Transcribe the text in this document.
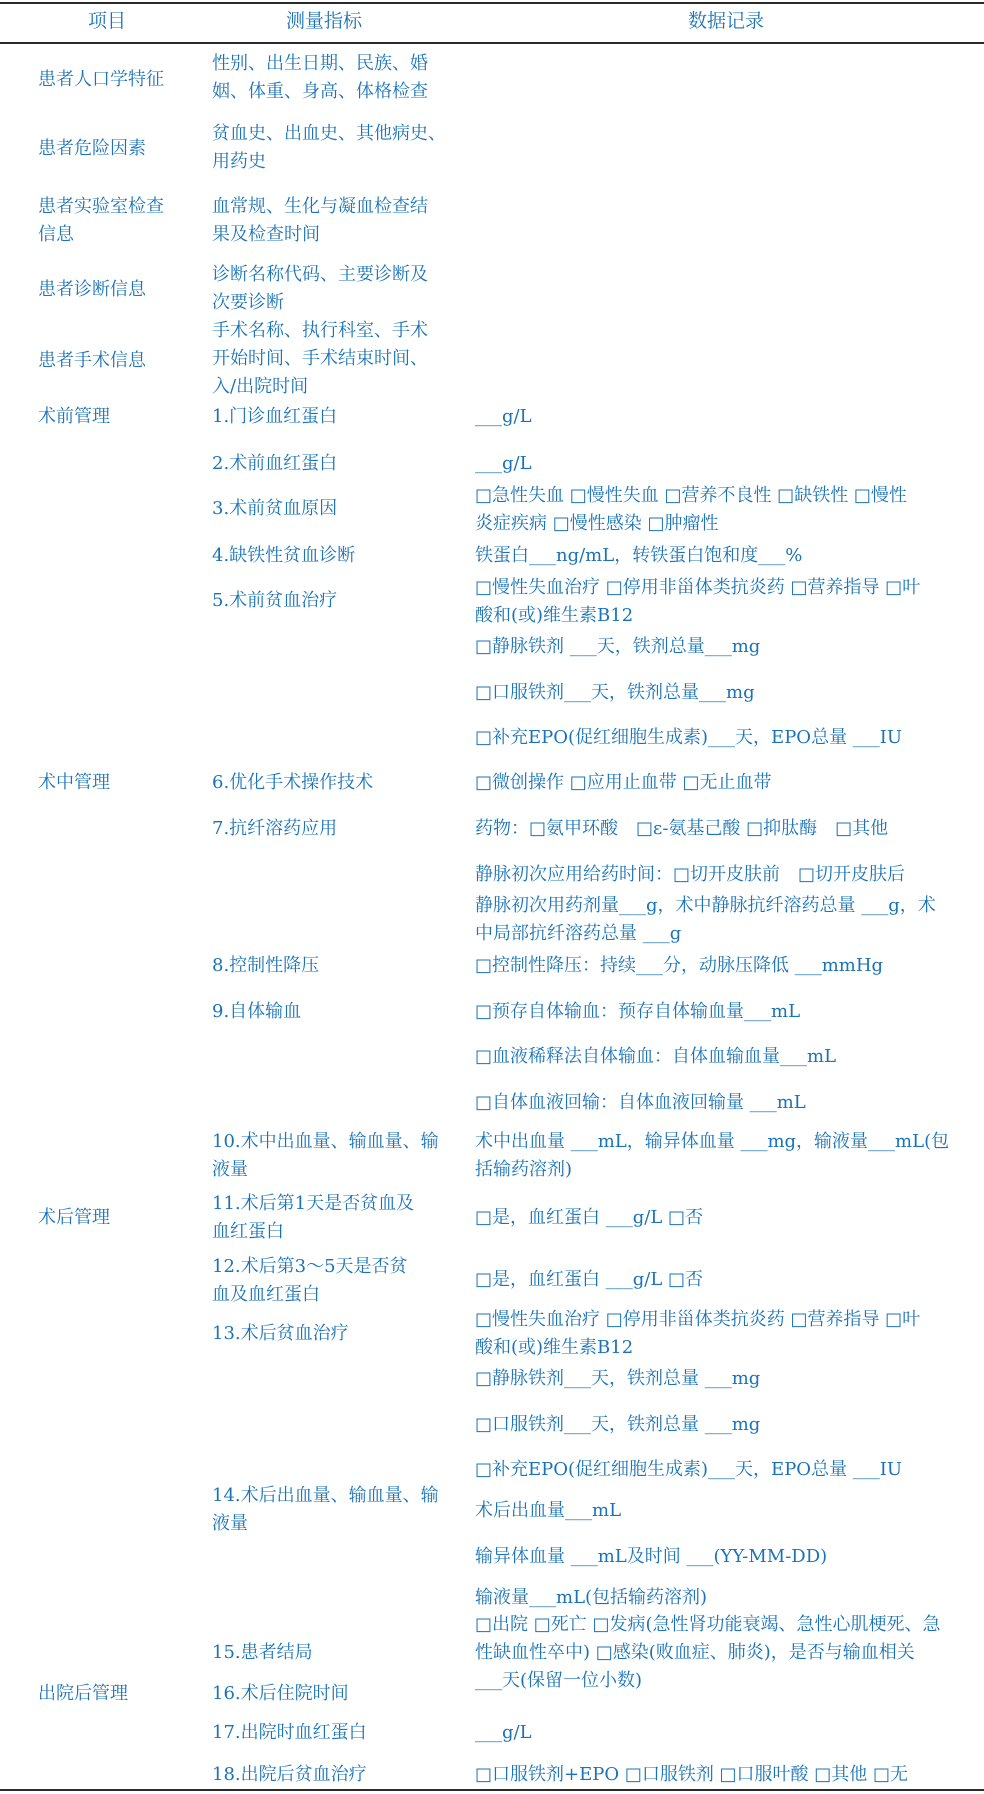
项目	测量指标	数据记录
患者人口学特征
患者危险因素
患者实验室检查
信息
患者诊断信息
患者手术信息
术前管理
术中管理
术后管理
出院后管理
性别、出生日期、民族、婚
姻、体重、身高、体格检查
贫血史、出血史、其他病史、
用药史
血常规、生化与凝血检查结
果及检查时间
诊断名称代码、主要诊断及
次要诊断
手术名称、执行科室、手术
开始时间、手术结束时间、
入/出院时间
1.门诊血红蛋白
2.术前血红蛋白
3.术前贫血原因
4.缺铁性贫血诊断
5.术前贫血治疗
6.优化手术操作技术
7.抗纤溶药应用
8.控制性降压
9.自体输血
10.术中出血量、输血量、输
液量
11.术后第1天是否贫血及
血红蛋白
12.术后第3～5天是否贫
血及血红蛋白
13.术后贫血治疗
14.术后出血量、输血量、输
液量
15.患者结局
16.术后住院时间
17.出院时血红蛋白
18.出院后贫血治疗
___g/L
___g/L
□急性失血 □慢性失血 □营养不良性 □缺铁性 □慢性
炎症疾病 □慢性感染 □肿瘤性
铁蛋白___ng/mL，转铁蛋白饱和度___%
□慢性失血治疗 □停用非甾体类抗炎药 □营养指导 □叶
酸和(或)维生素B12
□静脉铁剂 ___天，铁剂总量___mg
□口服铁剂___天，铁剂总量___mg
□补充EPO(促红细胞生成素)___天，EPO总量 ___IU
□微创操作 □应用止血带 □无止血带
药物：□氨甲环酸　□ε-氨基己酸 □抑肽酶　□其他
静脉初次应用给药时间：□切开皮肤前　□切开皮肤后
静脉初次用药剂量___g，术中静脉抗纤溶药总量 ___g，术
中局部抗纤溶药总量 ___g
□控制性降压：持续___分，动脉压降低 ___mmHg
□预存自体输血：预存自体输血量___mL
□血液稀释法自体输血：自体血输血量___mL
□自体血液回输：自体血液回输量 ___mL
术中出血量 ___mL，输异体血量 ___mg，输液量___mL(包
括输药溶剂)
□是，血红蛋白 ___g/L □否
□是，血红蛋白 ___g/L □否
□慢性失血治疗 □停用非甾体类抗炎药 □营养指导 □叶
酸和(或)维生素B12
□静脉铁剂___天，铁剂总量 ___mg
□口服铁剂___天，铁剂总量 ___mg
□补充EPO(促红细胞生成素)___天，EPO总量 ___IU
术后出血量___mL
输异体血量 ___mL及时间 ___(YY-MM-DD)
输液量___mL(包括输药溶剂)
□出院 □死亡 □发病(急性肾功能衰竭、急性心肌梗死、急
性缺血性卒中) □感染(败血症、肺炎)，是否与输血相关
___天(保留一位小数)
___g/L
□口服铁剂+EPO □口服铁剂 □口服叶酸 □其他 □无
